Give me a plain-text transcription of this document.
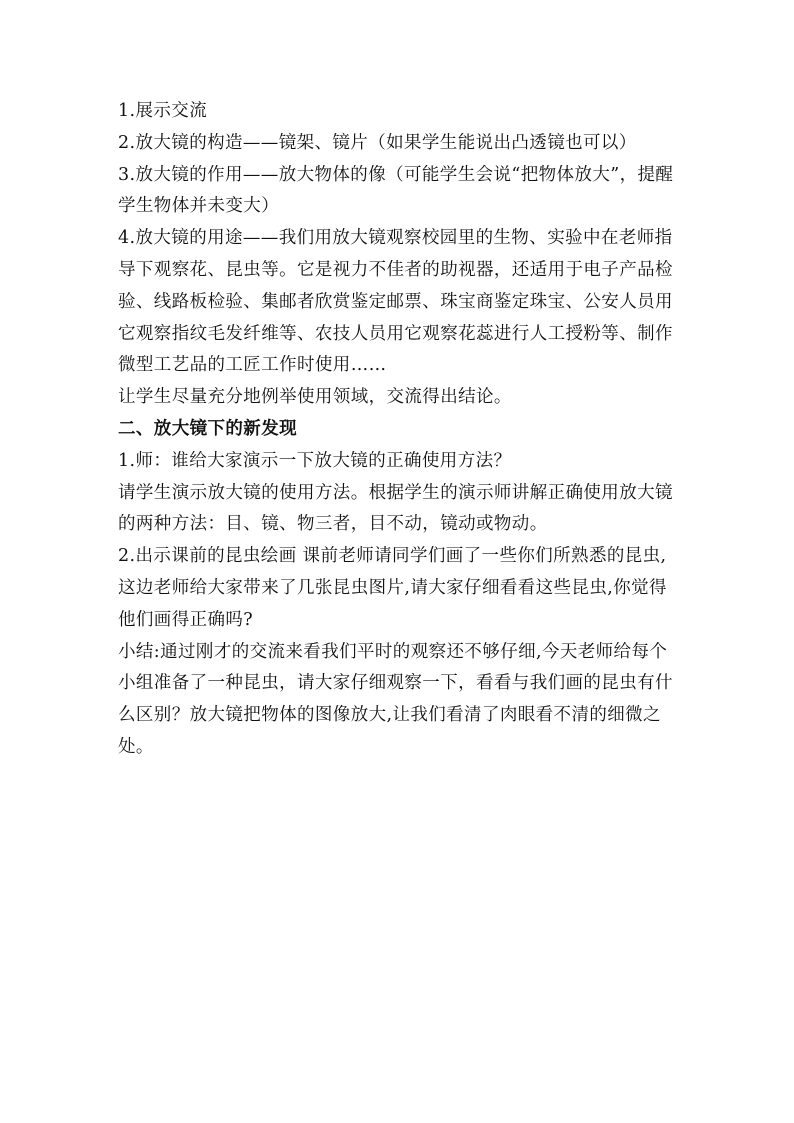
1.展示交流

2.放大镜的构造——镜架、镜片（如果学生能说出凸透镜也可以）

3.放大镜的作用——放大物体的像（可能学生会说“把物体放大”，提醒学生物体并未变大）

4.放大镜的用途——我们用放大镜观察校园里的生物、实验中在老师指导下观察花、昆虫等。它是视力不佳者的助视器，还适用于电子产品检验、线路板检验、集邮者欣赏鉴定邮票、珠宝商鉴定珠宝、公安人员用它观察指纹毛发纤维等、农技人员用它观察花蕊进行人工授粉等、制作微型工艺品的工匠工作时使用……

让学生尽量充分地例举使用领域，交流得出结论。

二、放大镜下的新发现

1.师：谁给大家演示一下放大镜的正确使用方法？

请学生演示放大镜的使用方法。根据学生的演示师讲解正确使用放大镜的两种方法：目、镜、物三者，目不动，镜动或物动。

2.出示课前的昆虫绘画 课前老师请同学们画了一些你们所熟悉的昆虫,这边老师给大家带来了几张昆虫图片,请大家仔细看看这些昆虫,你觉得他们画得正确吗?

小结:通过刚才的交流来看我们平时的观察还不够仔细,今天老师给每个小组准备了一种昆虫，请大家仔细观察一下，看看与我们画的昆虫有什么区别？放大镜把物体的图像放大,让我们看清了肉眼看不清的细微之处。
